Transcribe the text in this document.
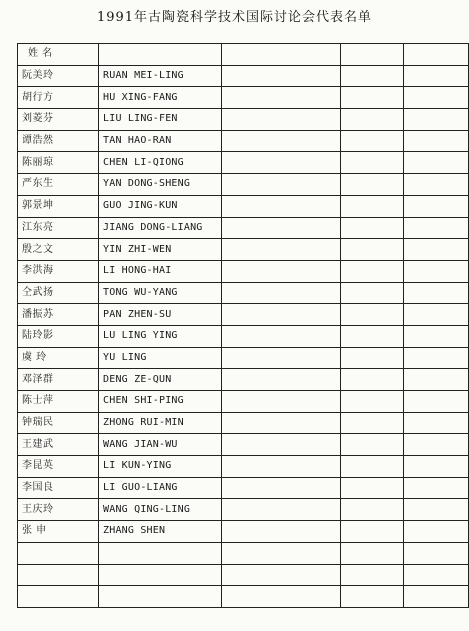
1991年古陶瓷科学技术国际讨论会代表名单
姓 名				
阮美玲	RUAN MEI-LING			
胡行方	HU XING-FANG			
刘菱芬	LIU LING-FEN			
谭浩然	TAN HAO-RAN			
陈丽琼	CHEN LI-QIONG			
严东生	YAN DONG-SHENG			
郭景坤	GUO JING-KUN			
江东亮	JIANG DONG-LIANG			
殷之文	YIN ZHI-WEN			
李洪海	LI HONG-HAI			
仝武扬	TONG WU-YANG			
潘振苏	PAN ZHEN-SU			
陆玲影	LU LING YING			
虞 玲	YU LING			
邓泽群	DENG ZE-QUN			
陈士萍	CHEN SHI-PING			
钟瑞民	ZHONG RUI-MIN			
王建武	WANG JIAN-WU			
李昆英	LI KUN-YING			
李国良	LI GUO-LIANG			
王庆玲	WANG QING-LING			
张 申	ZHANG SHEN			
